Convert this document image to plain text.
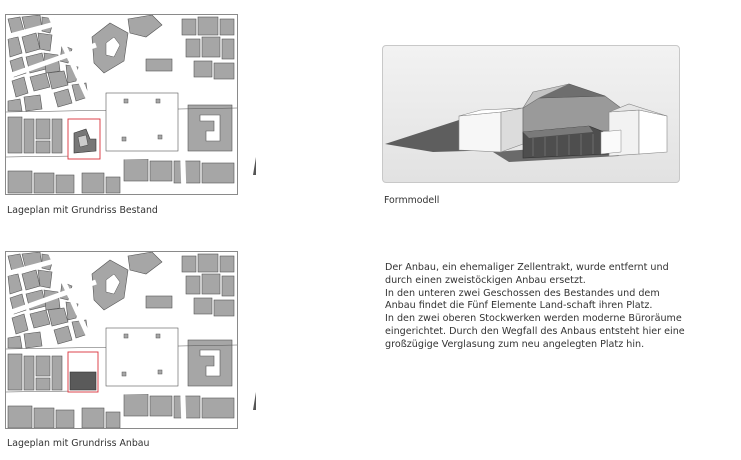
Lageplan mit Grundriss Bestand
Lageplan mit Grundriss Anbau
Formmodell

Der Anbau, ein ehemaliger Zellentrakt, wurde entfernt und durch einen zweistöckigen Anbau ersetzt.

In den unteren zwei Geschossen des Bestandes und dem Anbau findet die Fünf Elemente Land-schaft ihren Platz.

In den zwei oberen Stockwerken werden moderne Büroräume eingerichtet. Durch den Wegfall des Anbaus entsteht hier eine großzügige Verglasung zum neu angelegten Platz hin.
